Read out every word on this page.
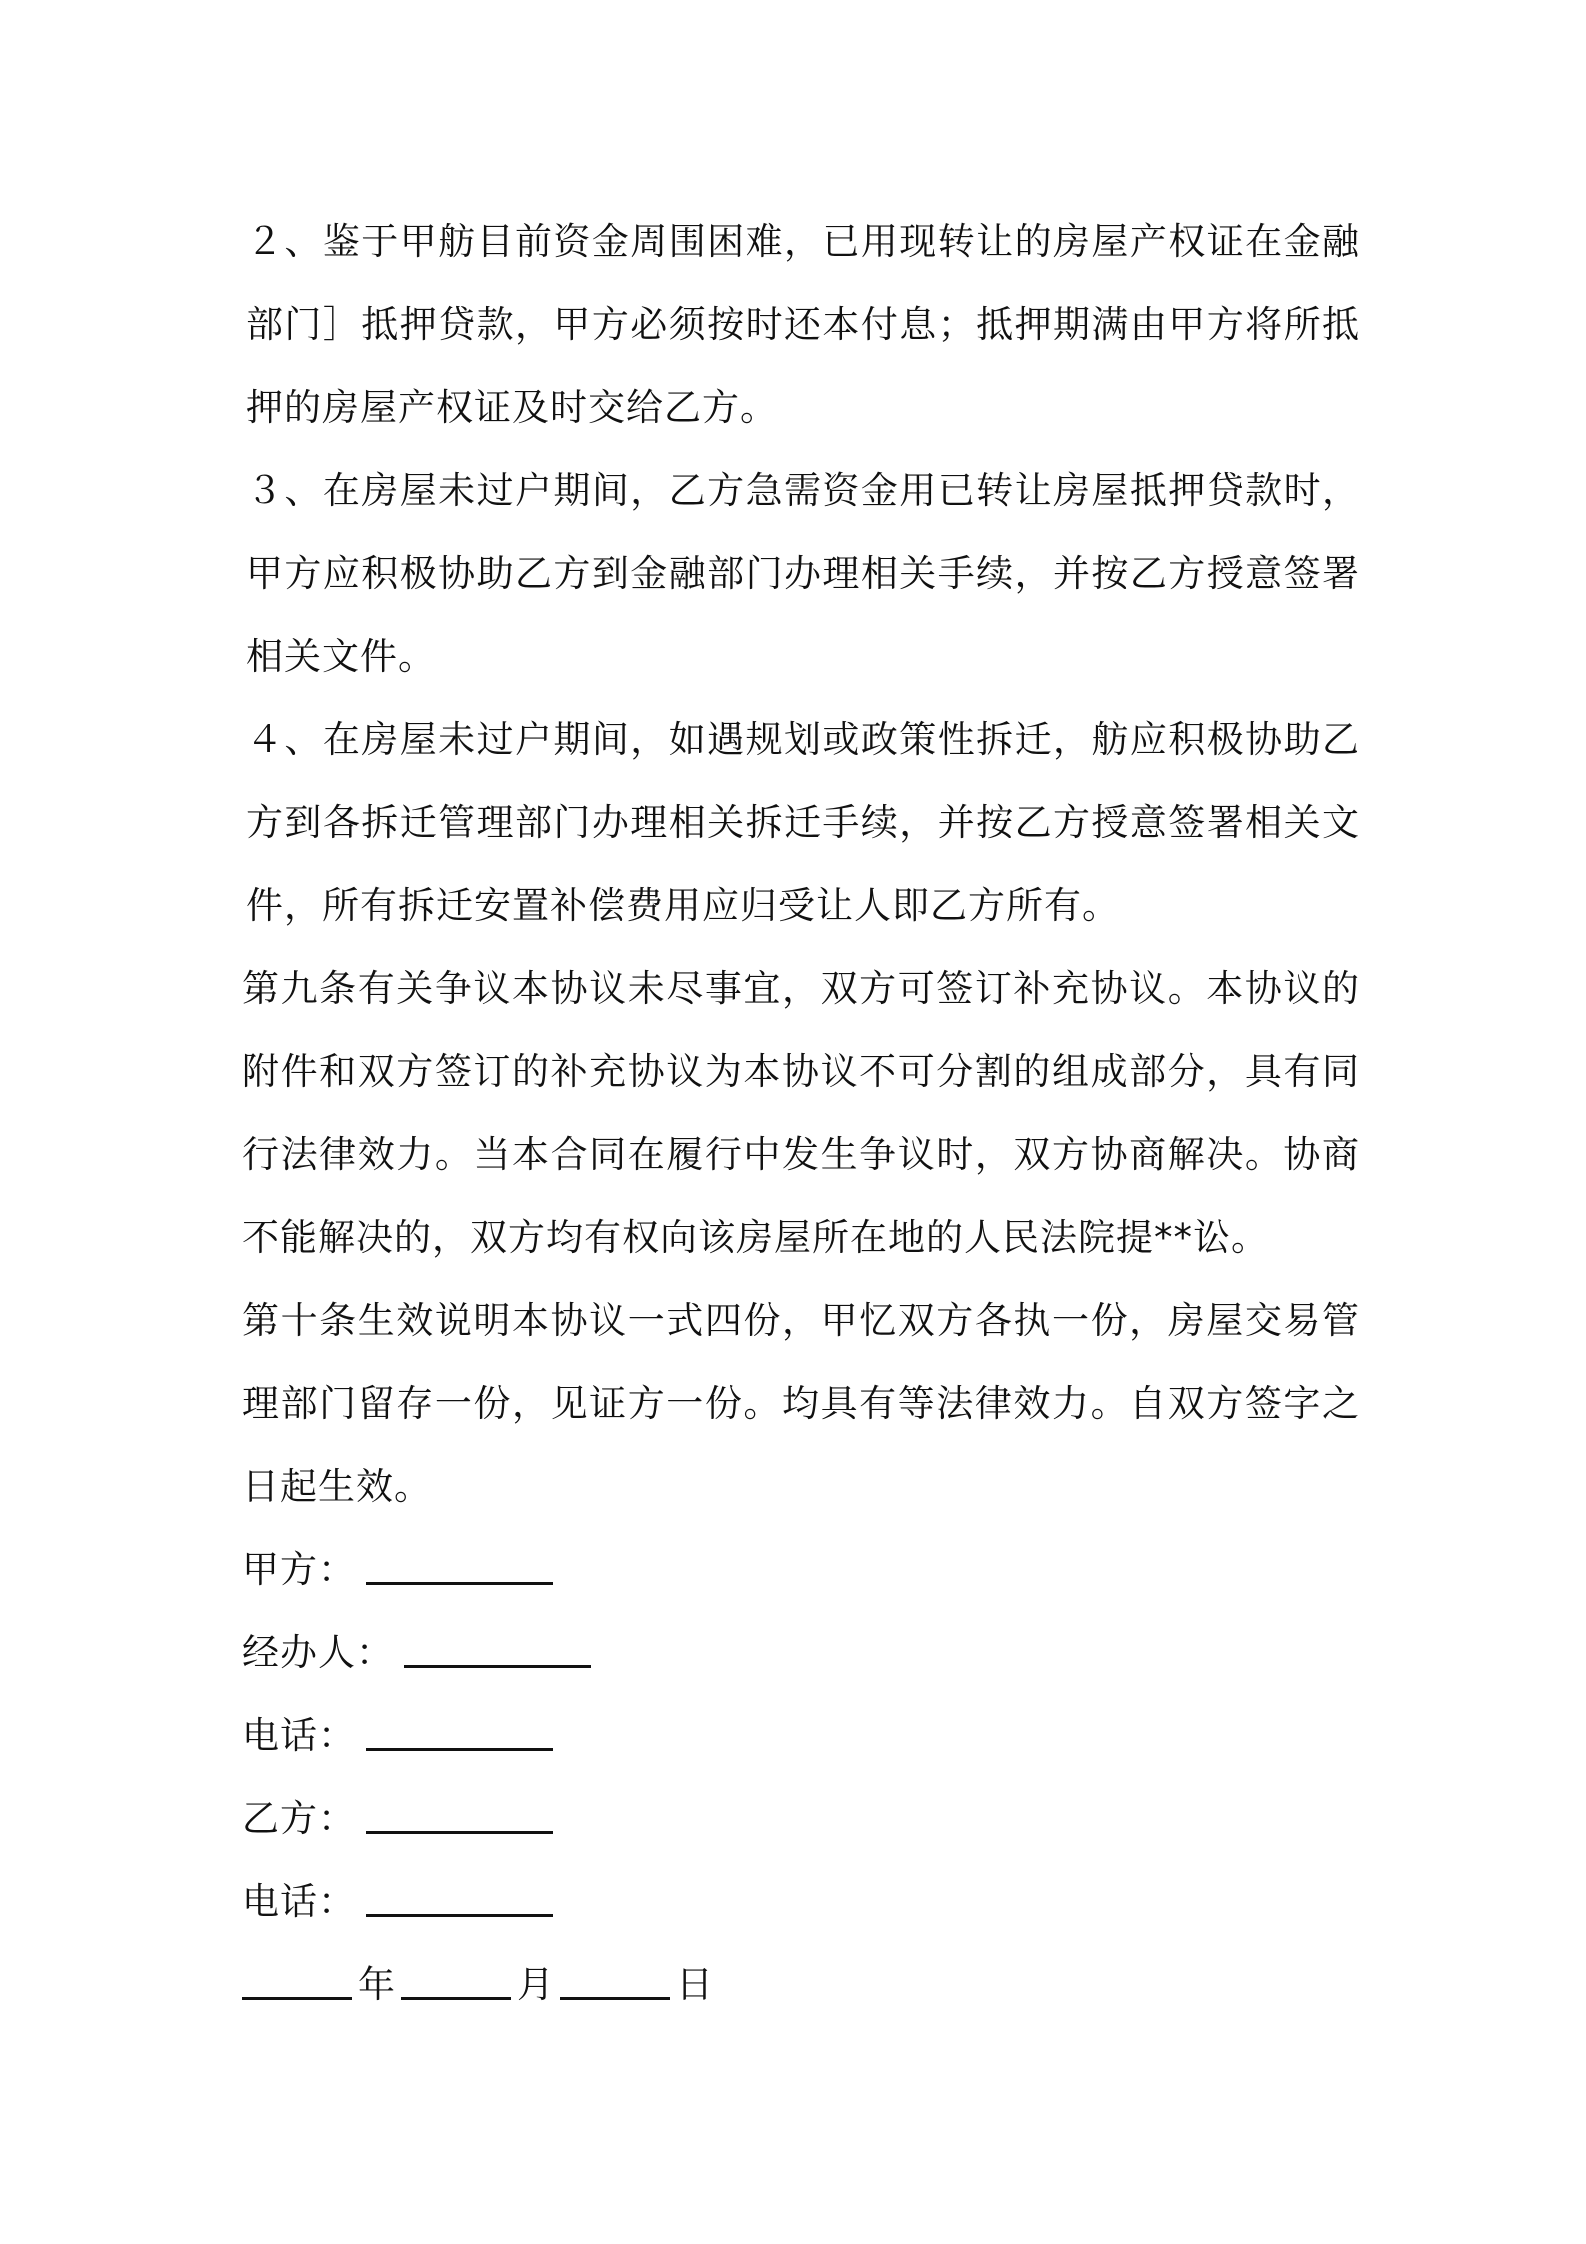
２、鉴于甲舫目前资金周围困难，已用现转让的房屋产权证在金融部门］抵押贷款，甲方必须按时还本付息；抵押期满由甲方将所抵押的房屋产权证及时交给乙方。

３、在房屋未过户期间，乙方急需资金用已转让房屋抵押贷款时，甲方应积极协助乙方到金融部门办理相关手续，并按乙方授意签署相关文件。

４、在房屋未过户期间，如遇规划或政策性拆迁，舫应积极协助乙方到各拆迁管理部门办理相关拆迁手续，并按乙方授意签署相关文件，所有拆迁安置补偿费用应归受让人即乙方所有。

第九条有关争议本协议未尽事宜，双方可签订补充协议。本协议的附件和双方签订的补充协议为本协议不可分割的组成部分，具有同行法律效力。当本合同在履行中发生争议时，双方协商解决。协商不能解决的，双方均有权向该房屋所在地的人民法院提**讼。

第十条生效说明本协议一式四份，甲忆双方各执一份，房屋交易管理部门留存一份，见证方一份。均具有等法律效力。自双方签字之日起生效。

甲方：
经办人：
电话：
乙方：
电话：
年	月	日
